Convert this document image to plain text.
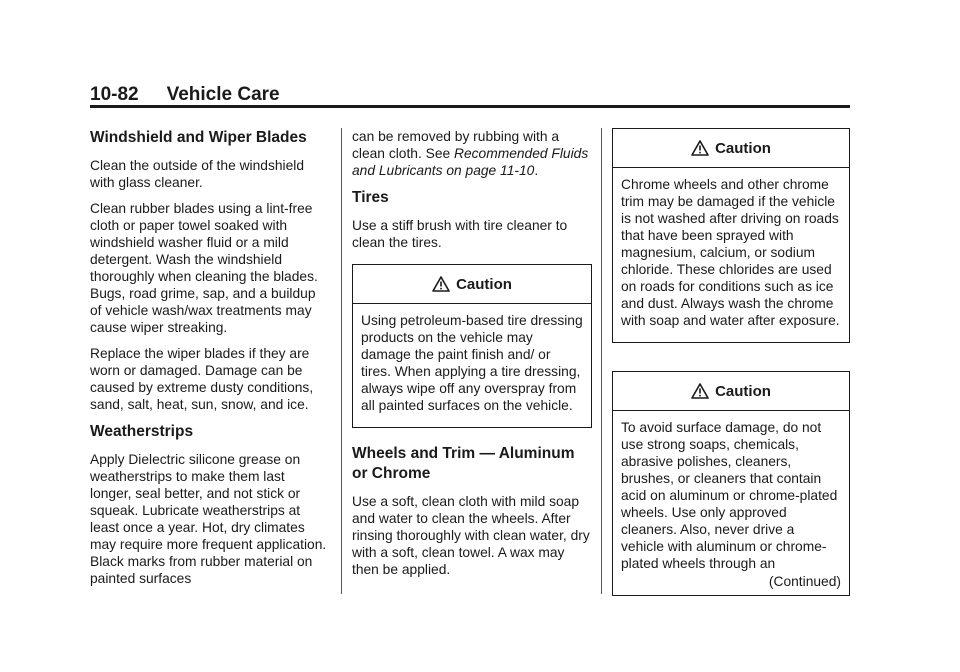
10-82 Vehicle Care
Windshield and Wiper Blades

Clean the outside of the windshield with glass cleaner.

Clean rubber blades using a lint-free cloth or paper towel soaked with windshield washer fluid or a mild detergent. Wash the windshield thoroughly when cleaning the blades. Bugs, road grime, sap, and a buildup of vehicle wash/wax treatments may cause wiper streaking.

Replace the wiper blades if they are worn or damaged. Damage can be caused by extreme dusty conditions, sand, salt, heat, sun, snow, and ice.

Weatherstrips

Apply Dielectric silicone grease on weatherstrips to make them last longer, seal better, and not stick or squeak. Lubricate weatherstrips at least once a year. Hot, dry climates may require more frequent application. Black marks from rubber material on painted surfaces

can be removed by rubbing with a clean cloth. See Recommended Fluids and Lubricants on page 11-10.

Tires

Use a stiff brush with tire cleaner to clean the tires.

Caution

Using petroleum-based tire dressing products on the vehicle may damage the paint finish and/ or tires. When applying a tire dressing, always wipe off any overspray from all painted surfaces on the vehicle.

Wheels and Trim — Aluminum or Chrome

Use a soft, clean cloth with mild soap and water to clean the wheels. After rinsing thoroughly with clean water, dry with a soft, clean towel. A wax may then be applied.

Caution

Chrome wheels and other chrome trim may be damaged if the vehicle is not washed after driving on roads that have been sprayed with magnesium, calcium, or sodium chloride. These chlorides are used on roads for conditions such as ice and dust. Always wash the chrome with soap and water after exposure.

Caution

To avoid surface damage, do not use strong soaps, chemicals, abrasive polishes, cleaners, brushes, or cleaners that contain acid on aluminum or chrome-plated wheels. Use only approved cleaners. Also, never drive a vehicle with aluminum or chrome-plated wheels through an

(Continued)
